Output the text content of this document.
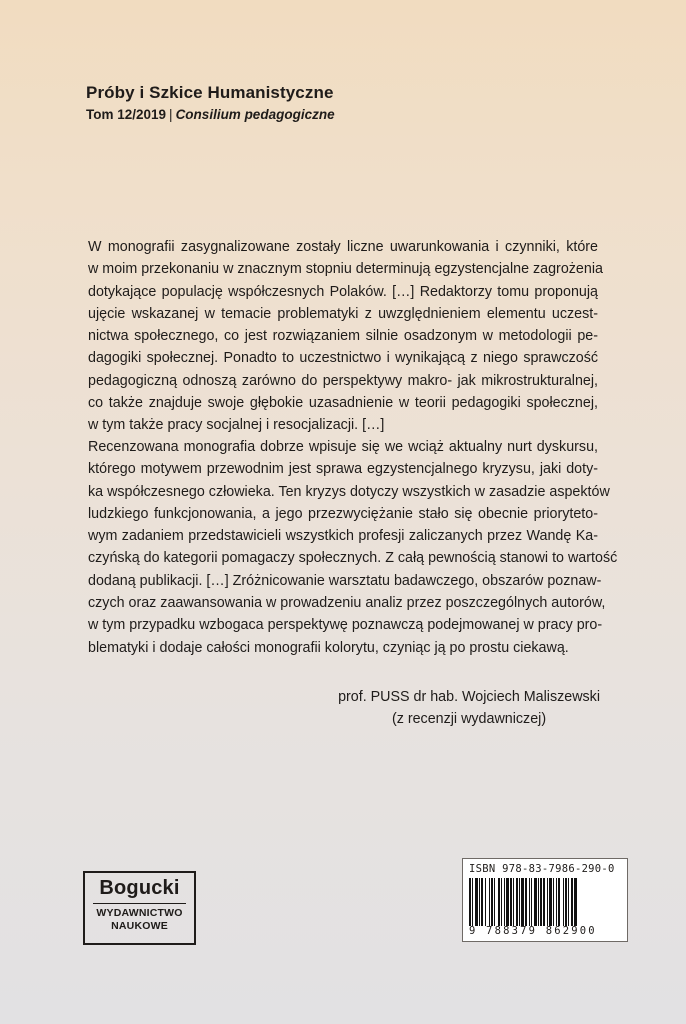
Próby i Szkice Humanistyczne
Tom 12/2019 | Consilium pedagogiczne
W monografii zasygnalizowane zostały liczne uwarunkowania i czynniki, które
w moim przekonaniu w znacznym stopniu determinują egzystencjalne zagrożenia
dotykające populację współczesnych Polaków. […] Redaktorzy tomu proponują
ujęcie wskazanej w temacie problematyki z uwzględnieniem elementu uczest-
nictwa społecznego, co jest rozwiązaniem silnie osadzonym w metodologii pe-
dagogiki społecznej. Ponadto to uczestnictwo i wynikającą z niego sprawczość
pedagogiczną odnoszą zarówno do perspektywy makro- jak mikrostrukturalnej,
co także znajduje swoje głębokie uzasadnienie w teorii pedagogiki społecznej,
w tym także pracy socjalnej i resocjalizacji. […]
Recenzowana monografia dobrze wpisuje się we wciąż aktualny nurt dyskursu,
którego motywem przewodnim jest sprawa egzystencjalnego kryzysu, jaki doty-
ka współczesnego człowieka. Ten kryzys dotyczy wszystkich w zasadzie aspektów
ludzkiego funkcjonowania, a jego przezwyciężanie stało się obecnie prioryteto-
wym zadaniem przedstawicieli wszystkich profesji zaliczanych przez Wandę Ka-
czyńską do kategorii pomagaczy społecznych. Z całą pewnością stanowi to wartość
dodaną publikacji. […] Zróżnicowanie warsztatu badawczego, obszarów poznaw-
czych oraz zaawansowania w prowadzeniu analiz przez poszczególnych autorów,
w tym przypadku wzbogaca perspektywę poznawczą podejmowanej w pracy pro-
blematyki i dodaje całości monografii kolorytu, czyniąc ją po prostu ciekawą.
prof. PUSS dr hab. Wojciech Maliszewski
(z recenzji wydawniczej)
Bogucki
WYDAWNICTWO
NAUKOWE
ISBN 978-83-7986-290-0
9 788379 862900
